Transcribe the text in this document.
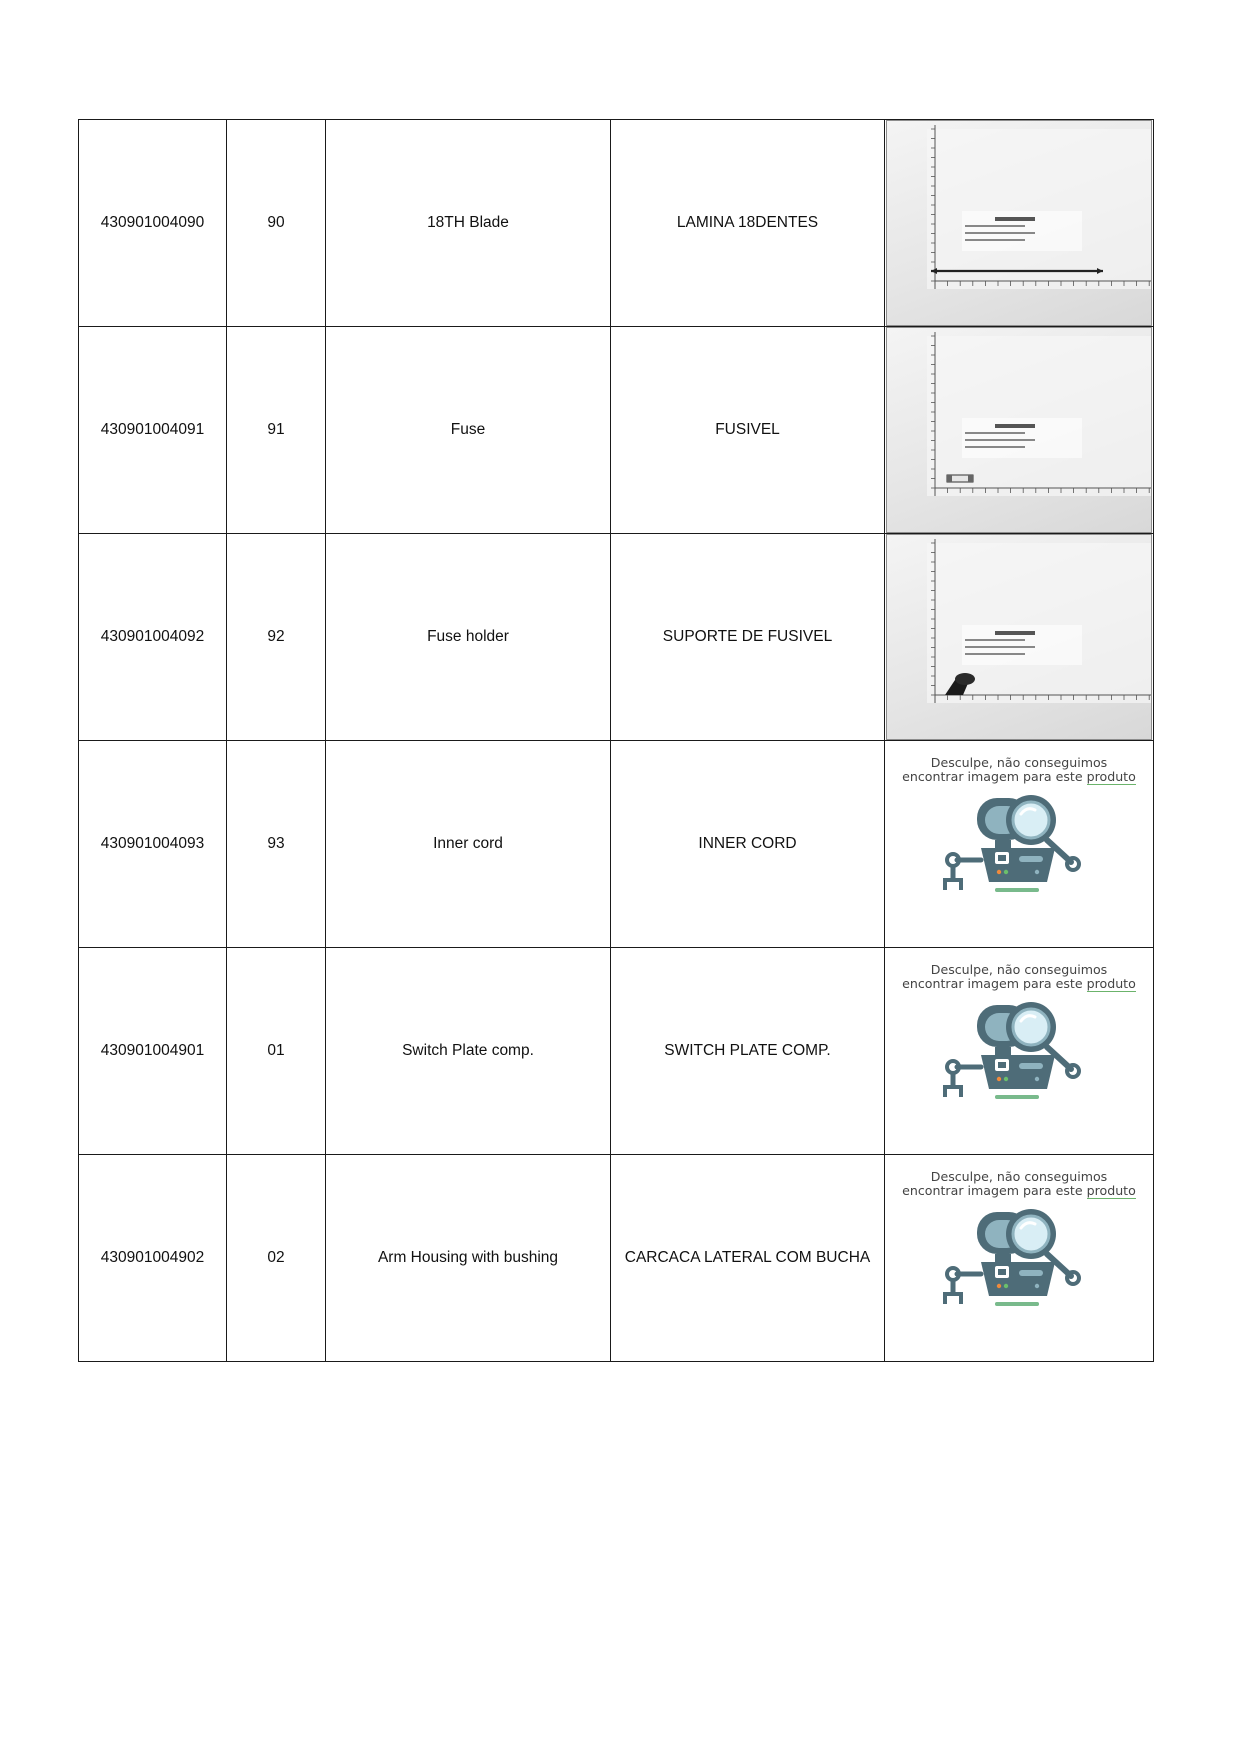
430901004090	90	18TH Blade	LAMINA 18DENTES	

430901004091	91	Fuse	FUSIVEL	

430901004092	92	Fuse holder	SUPORTE DE FUSIVEL	

430901004093	93	Inner cord	INNER CORD	Desculpe, não conseguimos
encontrar imagem para este produto

430901004901	01	Switch Plate comp.	SWITCH PLATE COMP.	Desculpe, não conseguimos
encontrar imagem para este produto

430901004902	02	Arm Housing with bushing	CARCACA LATERAL COM BUCHA	Desculpe, não conseguimos
encontrar imagem para este produto
